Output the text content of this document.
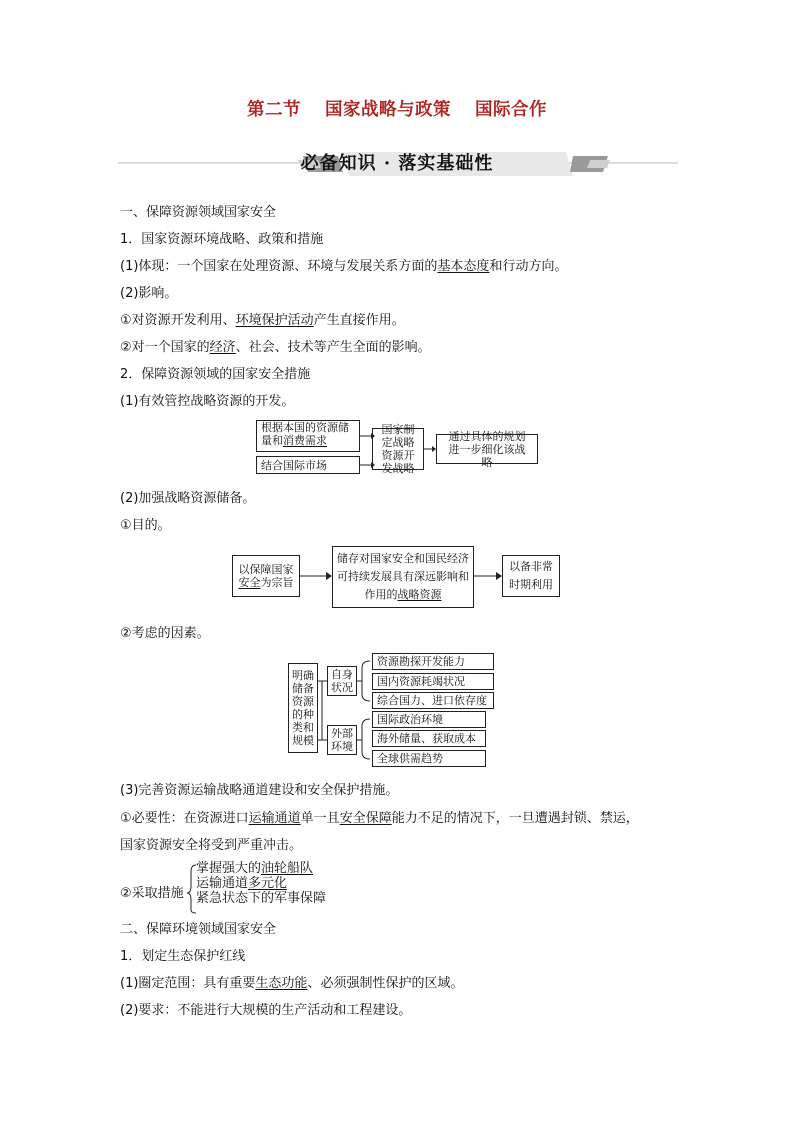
第二节 国家战略与政策 国际合作
必备知识 · 落实基础性
一、保障资源领域国家安全
1．国家资源环境战略、政策和措施
(1)体现：一个国家在处理资源、环境与发展关系方面的基本态度和行动方向。
(2)影响。
①对资源开发利用、环境保护活动产生直接作用。
②对一个国家的经济、社会、技术等产生全面的影响。
2．保障资源领域的国家安全措施
(1)有效管控战略资源的开发。
根据本国的资源储
量和消费需求
结合国际市场
国家制定战略资源开发战略
通过具体的规划进一步细化该战略
(2)加强战略资源储备。
①目的。
以保障国家
安全为宗旨
储存对国家安全和国民经济可持续发展具有深远影响和作用的战略资源
以备非常时期利用
②考虑的因素。
明确储备资源的种类和规模
自身状况
外部环境
资源勘探开发能力
国内资源耗竭状况
综合国力、进口依存度
国际政治环境
海外储量、获取成本
全球供需趋势
(3)完善资源运输战略通道建设和安全保护措施。
①必要性：在资源进口运输通道单一且安全保障能力不足的情况下，一旦遭遇封锁、禁运，
国家资源安全将受到严重冲击。
②采取措施
掌握强大的油轮船队
运输通道多元化
紧急状态下的军事保障
二、保障环境领域国家安全
1．划定生态保护红线
(1)圈定范围：具有重要生态功能、必须强制性保护的区域。
(2)要求：不能进行大规模的生产活动和工程建设。
